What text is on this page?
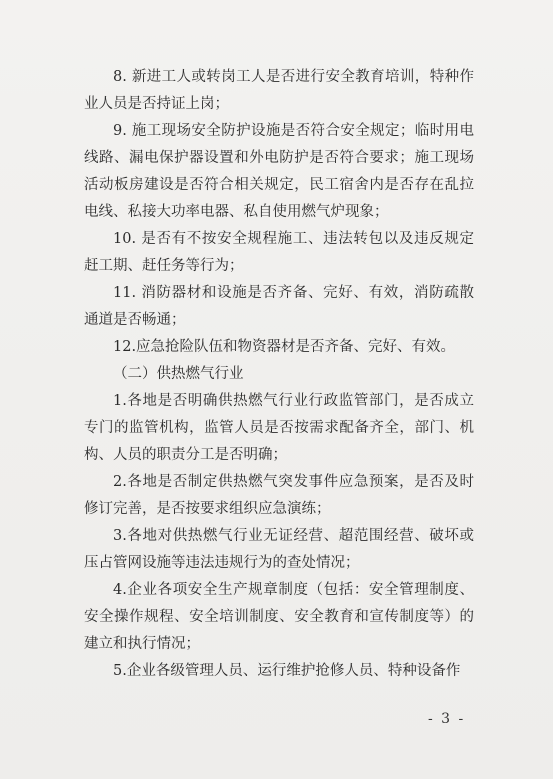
8. 新进工人或转岗工人是否进行安全教育培训，特种作业人员是否持证上岗；

9. 施工现场安全防护设施是否符合安全规定；临时用电线路、漏电保护器设置和外电防护是否符合要求；施工现场活动板房建设是否符合相关规定，民工宿舍内是否存在乱拉电线、私接大功率电器、私自使用燃气炉现象；

10. 是否有不按安全规程施工、违法转包以及违反规定赶工期、赶任务等行为；

11. 消防器材和设施是否齐备、完好、有效，消防疏散通道是否畅通；

12.应急抢险队伍和物资器材是否齐备、完好、有效。

（二）供热燃气行业

1.各地是否明确供热燃气行业行政监管部门，是否成立专门的监管机构，监管人员是否按需求配备齐全，部门、机构、人员的职责分工是否明确；

2.各地是否制定供热燃气突发事件应急预案，是否及时修订完善，是否按要求组织应急演练；

3.各地对供热燃气行业无证经营、超范围经营、破坏或压占管网设施等违法违规行为的查处情况；

4.企业各项安全生产规章制度（包括：安全管理制度、安全操作规程、安全培训制度、安全教育和宣传制度等）的建立和执行情况；

5.企业各级管理人员、运行维护抢修人员、特种设备作

- 3 -
